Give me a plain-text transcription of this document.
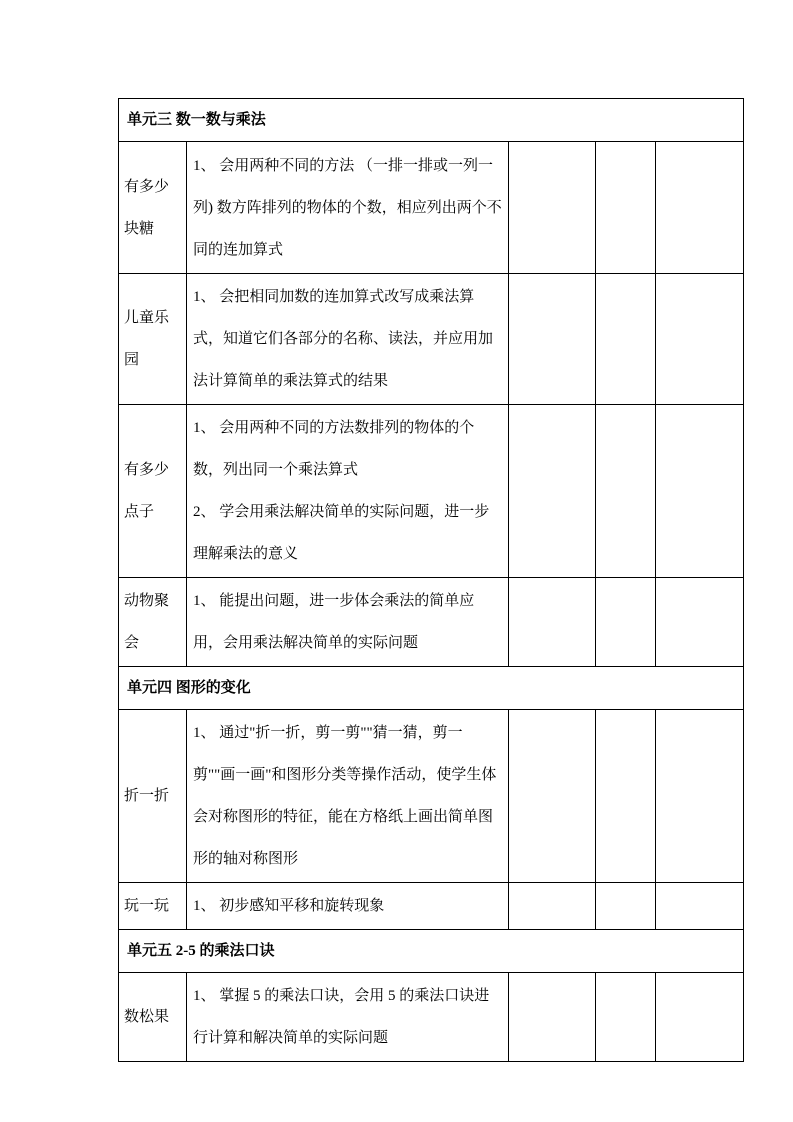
单元三 数一数与乘法				
有多少块糖	1、 会用两种不同的方法 （一排一排或一列一列) 数方阵排列的物体的个数，相应列出两个不同的连加算式			

儿童乐园	1、 会把相同加数的连加算式改写成乘法算式，知道它们各部分的名称、读法，并应用加法计算简单的乘法算式的结果			

有多少点子	1、 会用两种不同的方法数排列的物体的个数，列出同一个乘法算式
2、 学会用乘法解决简单的实际问题，进一步理解乘法的意义			

动物聚会	1、 能提出问题，进一步体会乘法的简单应用，会用乘法解决简单的实际问题			

单元四 图形的变化				
折一折	1、 通过"折一折，剪一剪""猜一猜，剪一剪""画一画"和图形分类等操作活动，使学生体会对称图形的特征，能在方格纸上画出简单图形的轴对称图形			

玩一玩	1、 初步感知平移和旋转现象			

单元五 2-5 的乘法口诀				
数松果	1、 掌握 5 的乘法口诀，会用 5 的乘法口诀进行计算和解决简单的实际问题			
